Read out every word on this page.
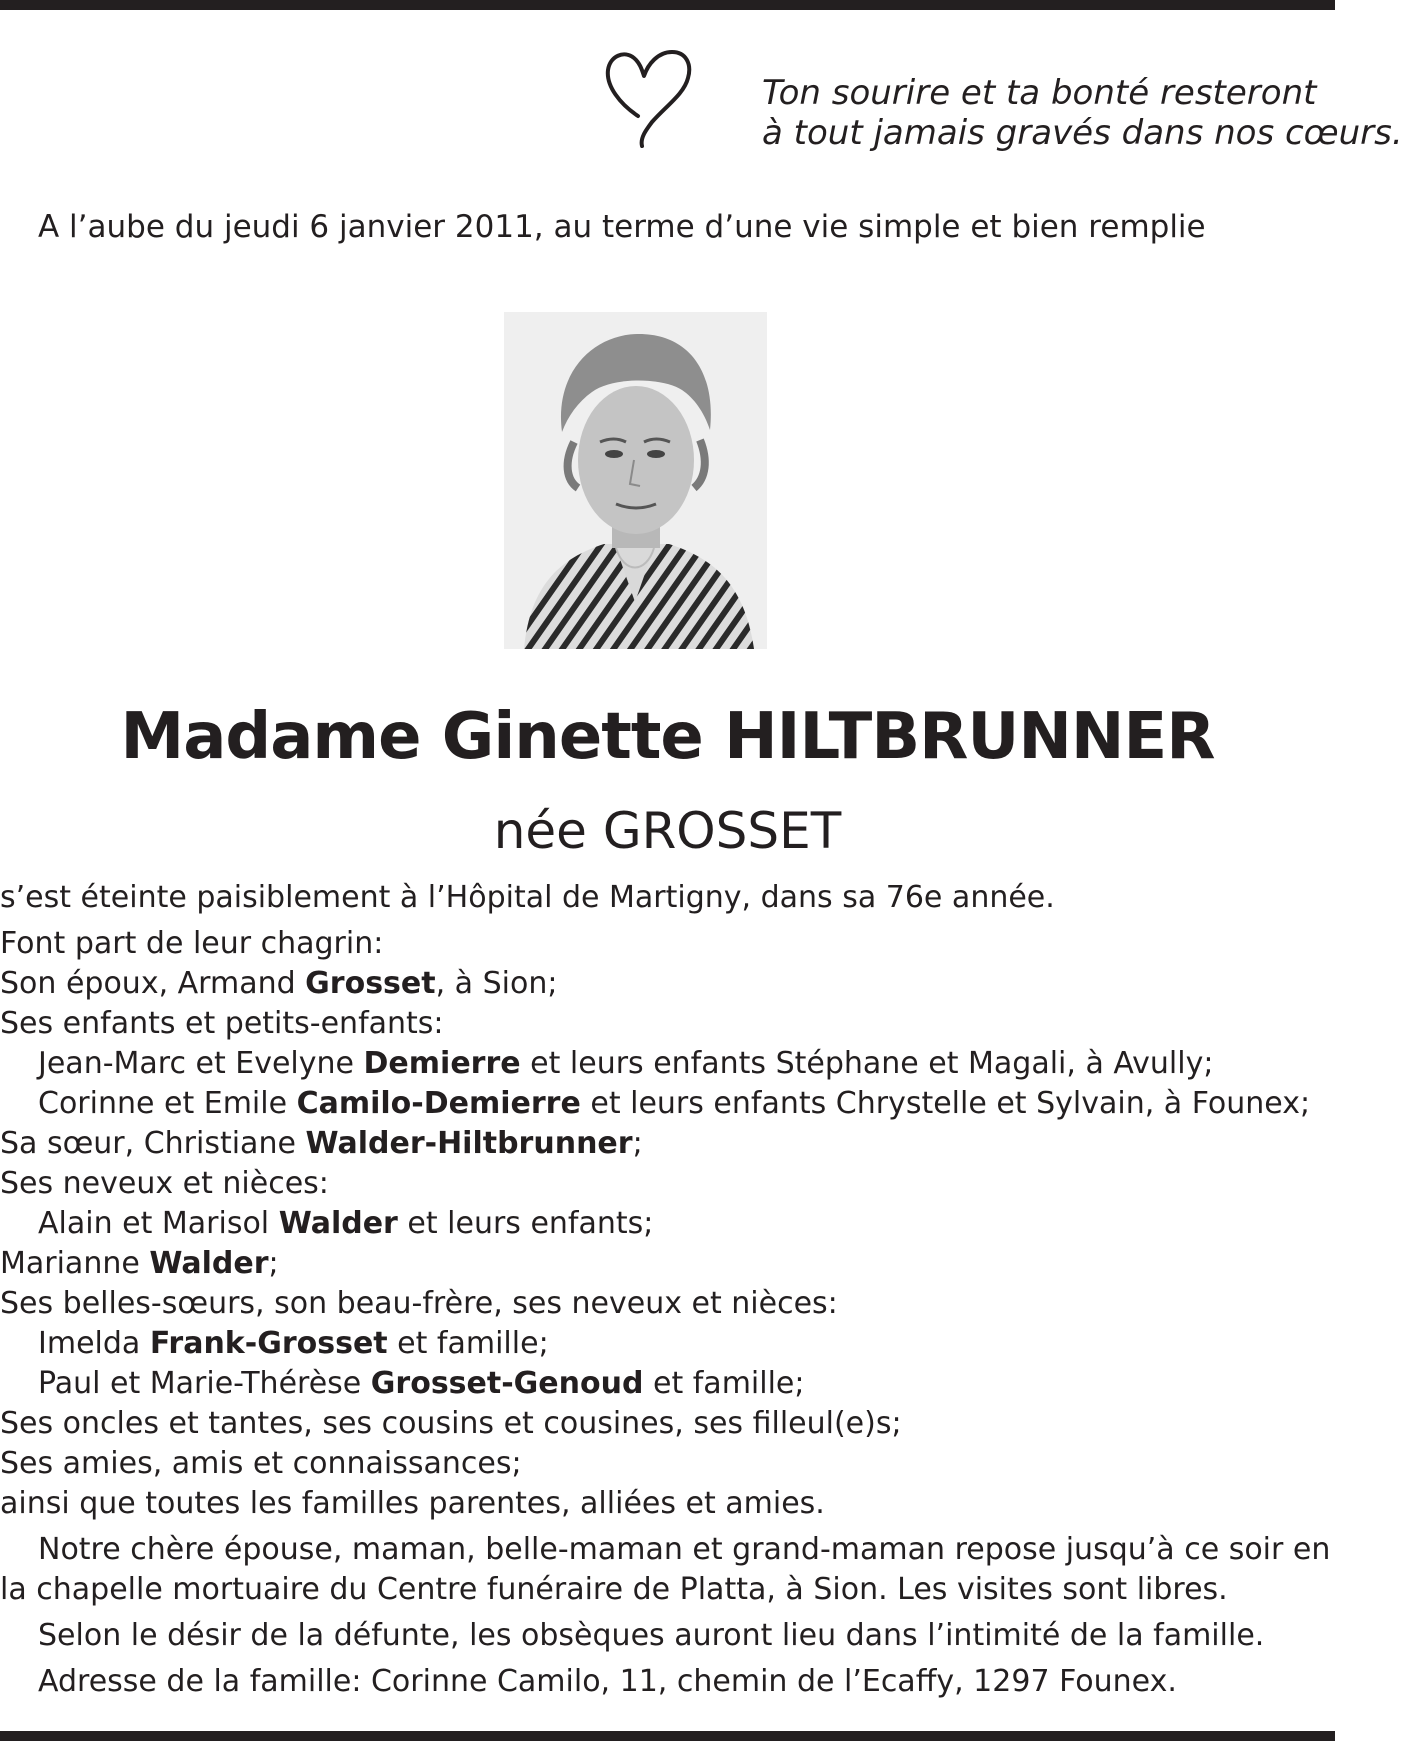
Ton sourire et ta bonté resteront
à tout jamais gravés dans nos cœurs.
A l’aube du jeudi 6 janvier 2011, au terme d’une vie simple et bien remplie
Madame Ginette HILTBRUNNER
née GROSSET
s’est éteinte paisiblement à l’Hôpital de Martigny, dans sa 76e année.
Font part de leur chagrin:
Son époux, Armand Grosset, à Sion;
Ses enfants et petits-enfants:
Jean-Marc et Evelyne Demierre et leurs enfants Stéphane et Magali, à Avully;
Corinne et Emile Camilo-Demierre et leurs enfants Chrystelle et Sylvain, à Founex;
Sa sœur, Christiane Walder-Hiltbrunner;
Ses neveux et nièces:
Alain et Marisol Walder et leurs enfants;
Marianne Walder;
Ses belles-sœurs, son beau-frère, ses neveux et nièces:
Imelda Frank-Grosset et famille;
Paul et Marie-Thérèse Grosset-Genoud et famille;
Ses oncles et tantes, ses cousins et cousines, ses filleul(e)s;
Ses amies, amis et connaissances;
ainsi que toutes les familles parentes, alliées et amies.
Notre chère épouse, maman, belle-maman et grand-maman repose jusqu’à ce soir en
la chapelle mortuaire du Centre funéraire de Platta, à Sion. Les visites sont libres.
Selon le désir de la défunte, les obsèques auront lieu dans l’intimité de la famille.
Adresse de la famille: Corinne Camilo, 11, chemin de l’Ecaffy, 1297 Founex.
